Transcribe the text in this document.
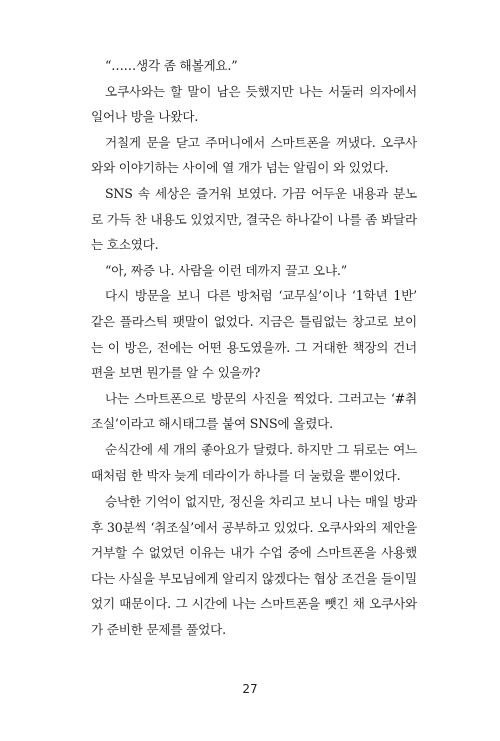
“……생각 좀 해볼게요.”

오쿠사와는 할 말이 남은 듯했지만 나는 서둘러 의자에서 일어나 방을 나왔다.

거칠게 문을 닫고 주머니에서 스마트폰을 꺼냈다. 오쿠사와와 이야기하는 사이에 열 개가 넘는 알림이 와 있었다.

SNS 속 세상은 즐거워 보였다. 가끔 어두운 내용과 분노로 가득 찬 내용도 있었지만, 결국은 하나같이 나를 좀 봐달라는 호소였다.

“아, 짜증 나. 사람을 이런 데까지 끌고 오냐.”

다시 방문을 보니 다른 방처럼 ‘교무실’이나 ‘1학년 1반’ 같은 플라스틱 팻말이 없었다. 지금은 틀림없는 창고로 보이는 이 방은, 전에는 어떤 용도였을까. 그 거대한 책장의 건너편을 보면 뭔가를 알 수 있을까?

나는 스마트폰으로 방문의 사진을 찍었다. 그러고는 ‘#취조실’이라고 해시태그를 붙여 SNS에 올렸다.

순식간에 세 개의 좋아요가 달렸다. 하지만 그 뒤로는 여느 때처럼 한 박자 늦게 데라이가 하나를 더 눌렀을 뿐이었다.

승낙한 기억이 없지만, 정신을 차리고 보니 나는 매일 방과 후 30분씩 ‘취조실’에서 공부하고 있었다. 오쿠사와의 제안을 거부할 수 없었던 이유는 내가 수업 중에 스마트폰을 사용했다는 사실을 부모님에게 알리지 않겠다는 협상 조건을 들이밀었기 때문이다. 그 시간에 나는 스마트폰을 뺏긴 채 오쿠사와가 준비한 문제를 풀었다.

27
